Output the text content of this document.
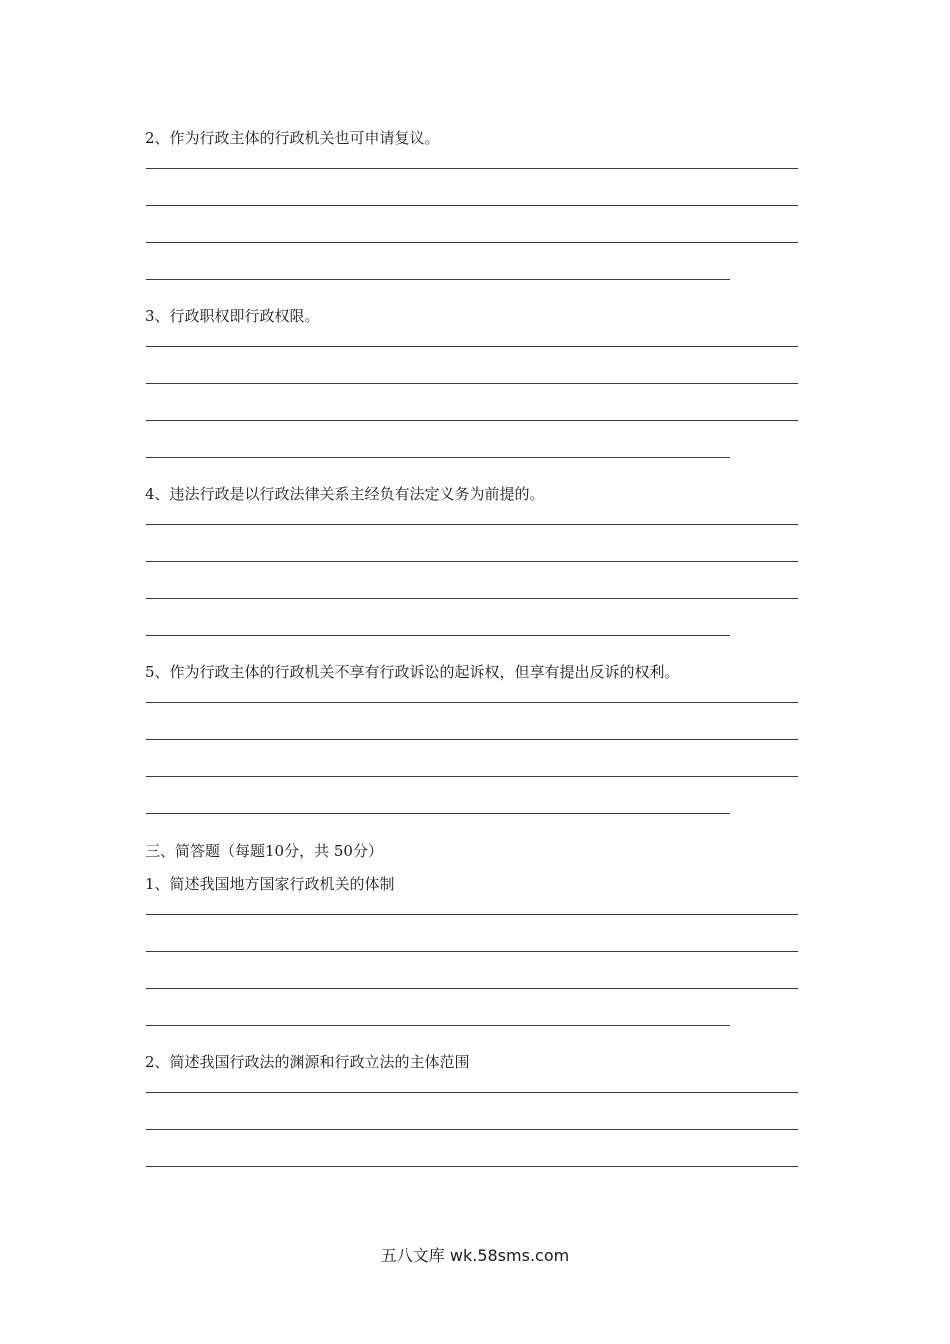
2、作为行政主体的行政机关也可申请复议。
3、行政职权即行政权限。
4、违法行政是以行政法律关系主经负有法定义务为前提的。
5、作为行政主体的行政机关不享有行政诉讼的起诉权，但享有提出反诉的权利。
三、简答题（每题10分，共 50分）
1、简述我国地方国家行政机关的体制
2、简述我国行政法的渊源和行政立法的主体范围
五八文库 wk.58sms.com
